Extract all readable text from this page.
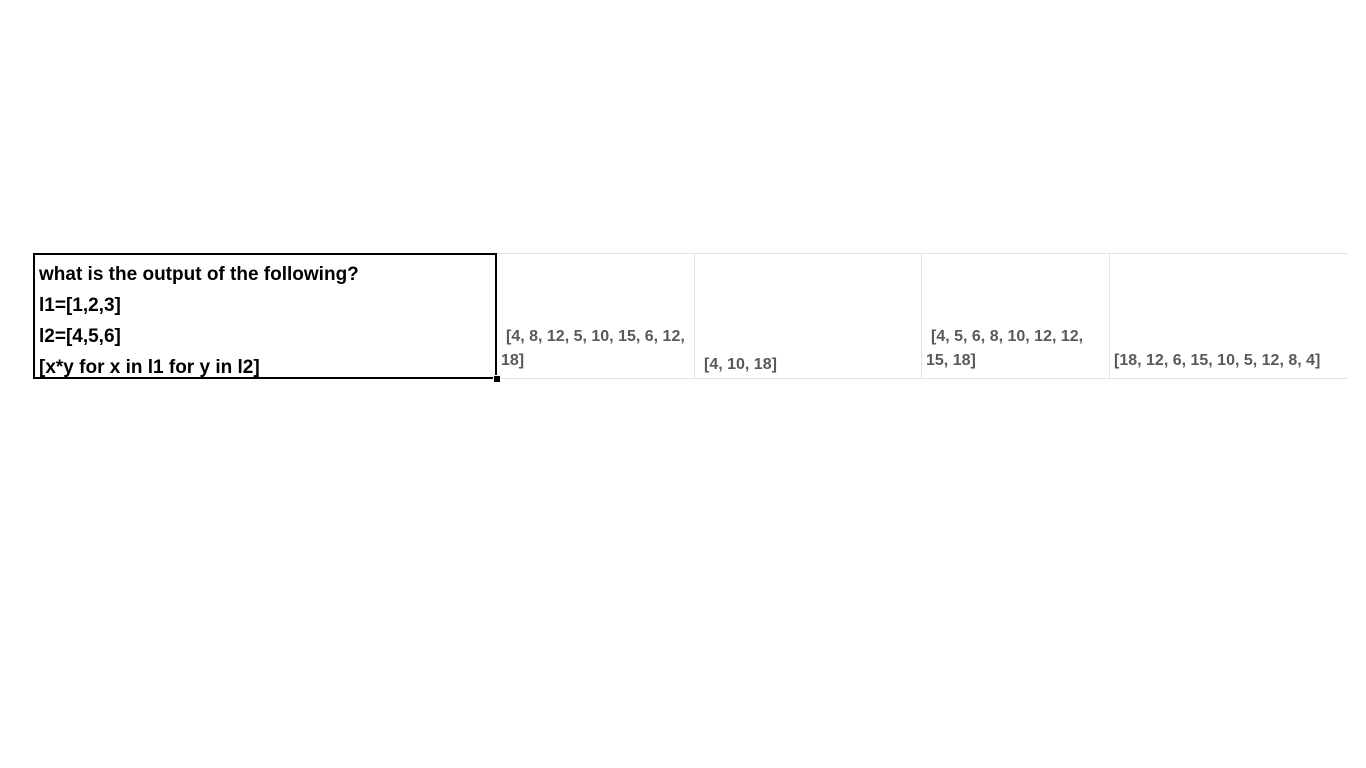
what is the output of the following?
l1=[1,2,3]
l2=[4,5,6]
[x*y for x in l1 for y in l2]
[4, 8, 12, 5, 10, 15, 6, 12, 18]	[4, 10, 18]
[4, 5, 6, 8, 10, 12, 12, 15, 18]	[18, 12, 6, 15, 10, 5, 12, 8, 4]
